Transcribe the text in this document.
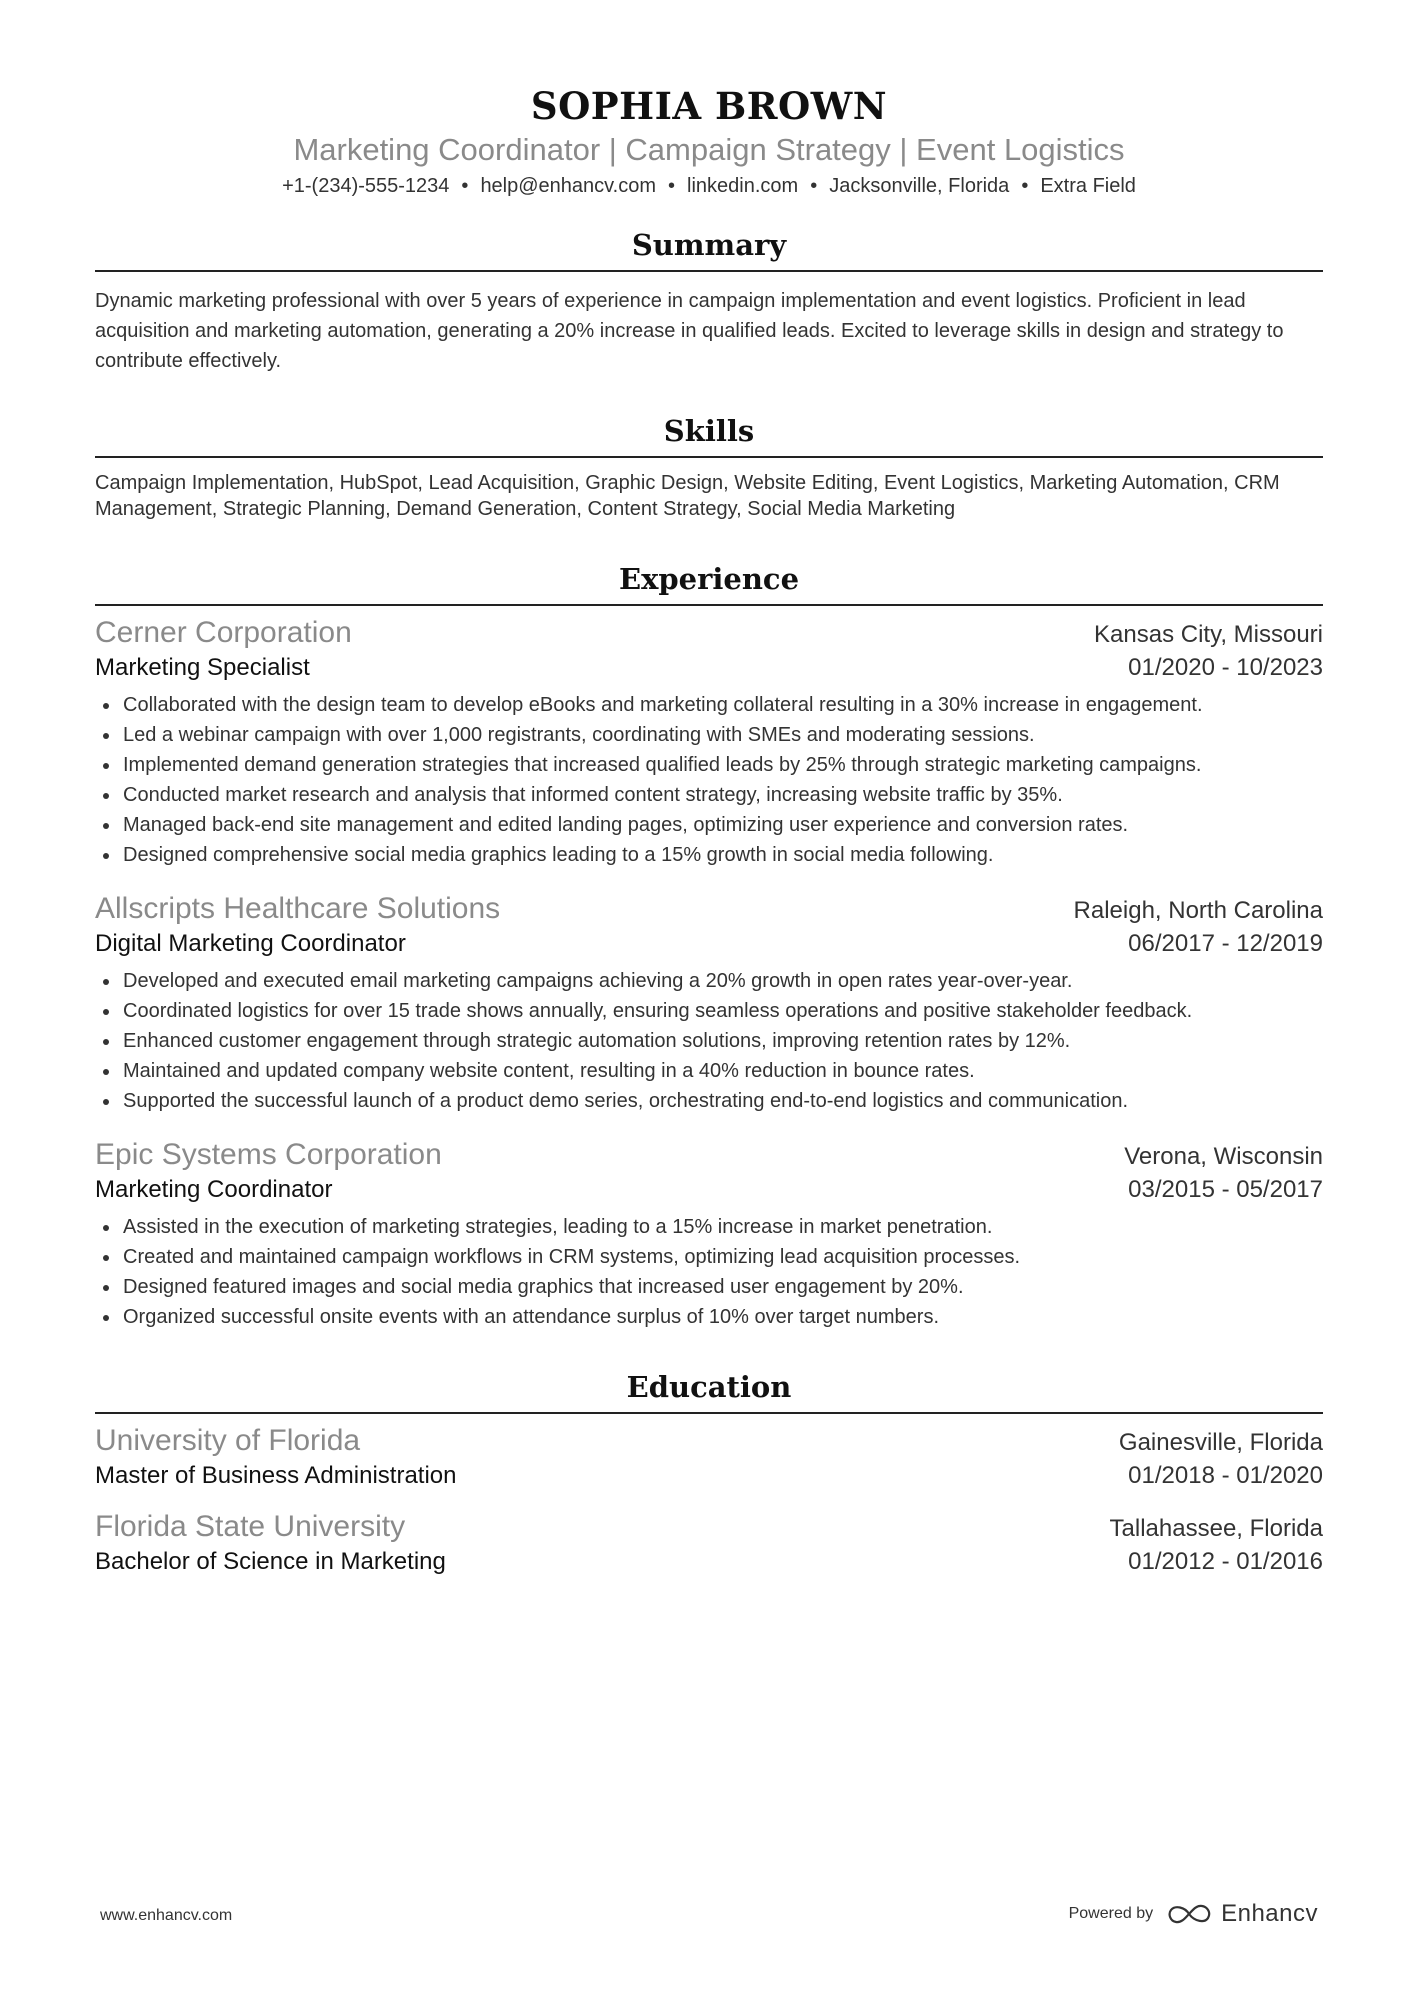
SOPHIA BROWN
Marketing Coordinator | Campaign Strategy | Event Logistics
+1-(234)-555-1234 • help@enhancv.com • linkedin.com • Jacksonville, Florida • Extra Field
Summary
Dynamic marketing professional with over 5 years of experience in campaign implementation and event logistics. Proficient in lead acquisition and marketing automation, generating a 20% increase in qualified leads. Excited to leverage skills in design and strategy to contribute effectively.
Skills
Campaign Implementation, HubSpot, Lead Acquisition, Graphic Design, Website Editing, Event Logistics, Marketing Automation, CRM Management, Strategic Planning, Demand Generation, Content Strategy, Social Media Marketing
Experience
Cerner Corporation	Kansas City, Missouri
Marketing Specialist	01/2020 - 10/2023
Collaborated with the design team to develop eBooks and marketing collateral resulting in a 30% increase in engagement.
Led a webinar campaign with over 1,000 registrants, coordinating with SMEs and moderating sessions.
Implemented demand generation strategies that increased qualified leads by 25% through strategic marketing campaigns.
Conducted market research and analysis that informed content strategy, increasing website traffic by 35%.
Managed back-end site management and edited landing pages, optimizing user experience and conversion rates.
Designed comprehensive social media graphics leading to a 15% growth in social media following.
Allscripts Healthcare Solutions	Raleigh, North Carolina
Digital Marketing Coordinator	06/2017 - 12/2019
Developed and executed email marketing campaigns achieving a 20% growth in open rates year-over-year.
Coordinated logistics for over 15 trade shows annually, ensuring seamless operations and positive stakeholder feedback.
Enhanced customer engagement through strategic automation solutions, improving retention rates by 12%.
Maintained and updated company website content, resulting in a 40% reduction in bounce rates.
Supported the successful launch of a product demo series, orchestrating end-to-end logistics and communication.
Epic Systems Corporation	Verona, Wisconsin
Marketing Coordinator	03/2015 - 05/2017
Assisted in the execution of marketing strategies, leading to a 15% increase in market penetration.
Created and maintained campaign workflows in CRM systems, optimizing lead acquisition processes.
Designed featured images and social media graphics that increased user engagement by 20%.
Organized successful onsite events with an attendance surplus of 10% over target numbers.
Education
University of Florida	Gainesville, Florida
Master of Business Administration	01/2018 - 01/2020
Florida State University	Tallahassee, Florida
Bachelor of Science in Marketing	01/2012 - 01/2016
www.enhancv.com	Powered by	Enhancv
